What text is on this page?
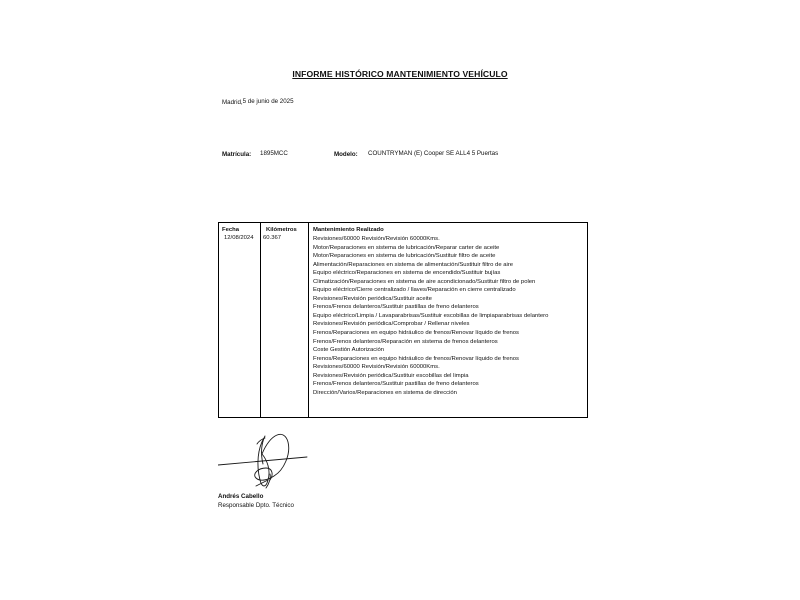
INFORME HISTÓRICO MANTENIMIENTO VEHÍCULO
Madrid,5 de junio de 2025
Matrícula: 1895MCC	Modelo: COUNTRYMAN (E) Cooper SE ALL4 5 Puertas
Fecha	Kilómetros	Mantenimiento Realizado
12/08/2024 60.367	Revisiones/60000 Revisión/Revisión 60000Kms.
Motor/Reparaciones en sistema de lubricación/Reparar carter de aceite
Motor/Reparaciones en sistema de lubricación/Sustituir filtro de aceite
Alimentación/Reparaciones en sistema de alimentación/Sustituir filtro de aire
Equipo eléctrico/Reparaciones en sistema de encendido/Sustituir bujías
Climatización/Reparaciones en sistema de aire acondicionado/Sustituir filtro de polen
Equipo eléctrico/Cierre centralizado / llaves/Reparación en cierre centralizado
Revisiones/Revisión periódica/Sustituir aceite
Frenos/Frenos delanteros/Sustituir pastillas de freno delanteros
Equipo eléctrico/Limpia / Lavaparabrisas/Sustituir escobillas de limpiaparabrisas delantero
Revisiones/Revisión periódica/Comprobar / Rellenar niveles
Frenos/Reparaciones en equipo hidráulico de frenos/Renovar líquido de frenos
Frenos/Frenos delanteros/Reparación en sistema de frenos delanteros
Coste Gestión Autorización
Frenos/Reparaciones en equipo hidráulico de frenos/Renovar líquido de frenos
Revisiones/60000 Revisión/Revisión 60000Kms.
Revisiones/Revisión periódica/Sustituir escobillas del limpia
Frenos/Frenos delanteros/Sustituir pastillas de freno delanteros
Dirección/Varios/Reparaciones en sistema de dirección
Andrés Cabello
Responsable Dpto. Técnico
